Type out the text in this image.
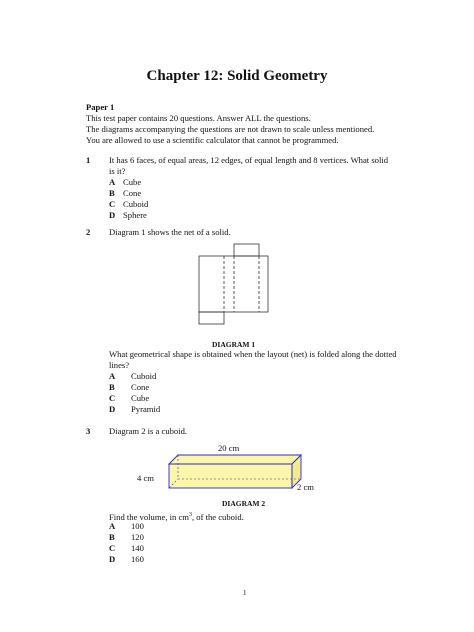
Chapter 12: Solid Geometry
Paper 1
This test paper contains 20 questions. Answer ALL the questions.
The diagrams accompanying the questions are not drawn to scale unless mentioned.
You are allowed to use a scientific calculator that cannot be programmed.
1 It has 6 faces, of equal areas, 12 edges, of equal length and 8 vertices. What solid
is it?
A Cube
B Cone
C Cuboid
D Sphere
2 Diagram 1 shows the net of a solid.
DIAGRAM 1
What geometrical shape is obtained when the layout (net) is folded along the dotted
lines?
A Cuboid
B Cone
C Cube
D Pyramid
3 Diagram 2 is a cuboid.
20 cm
4 cm
2 cm
DIAGRAM 2
Find the volume, in $cm^3$, of the cuboid.
A 100
B 120
C 140
D 160
1
